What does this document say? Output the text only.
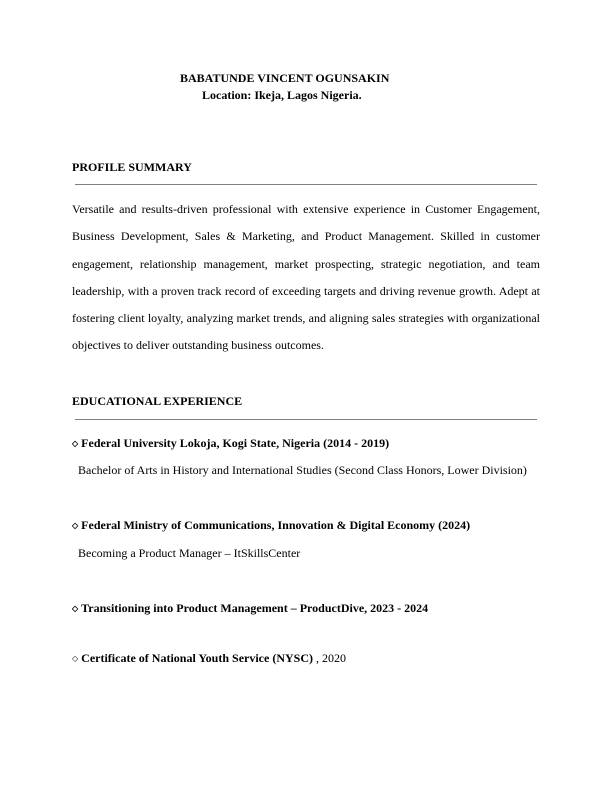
BABATUNDE VINCENT OGUNSAKIN
Location: Ikeja, Lagos Nigeria.
PROFILE SUMMARY
Versatile and results-driven professional with extensive experience in Customer Engagement, Business Development, Sales & Marketing, and Product Management. Skilled in customer engagement, relationship management, market prospecting, strategic negotiation, and team leadership, with a proven track record of exceeding targets and driving revenue growth. Adept at fostering client loyalty, analyzing market trends, and aligning sales strategies with organizational objectives to deliver outstanding business outcomes.
EDUCATIONAL EXPERIENCE
◇ Federal University Lokoja, Kogi State, Nigeria (2014 - 2019)
Bachelor of Arts in History and International Studies (Second Class Honors, Lower Division)
◇ Federal Ministry of Communications, Innovation & Digital Economy (2024)
Becoming a Product Manager – ItSkillsCenter
◇ Transitioning into Product Management – ProductDive, 2023 - 2024
◇ Certificate of National Youth Service (NYSC) , 2020
